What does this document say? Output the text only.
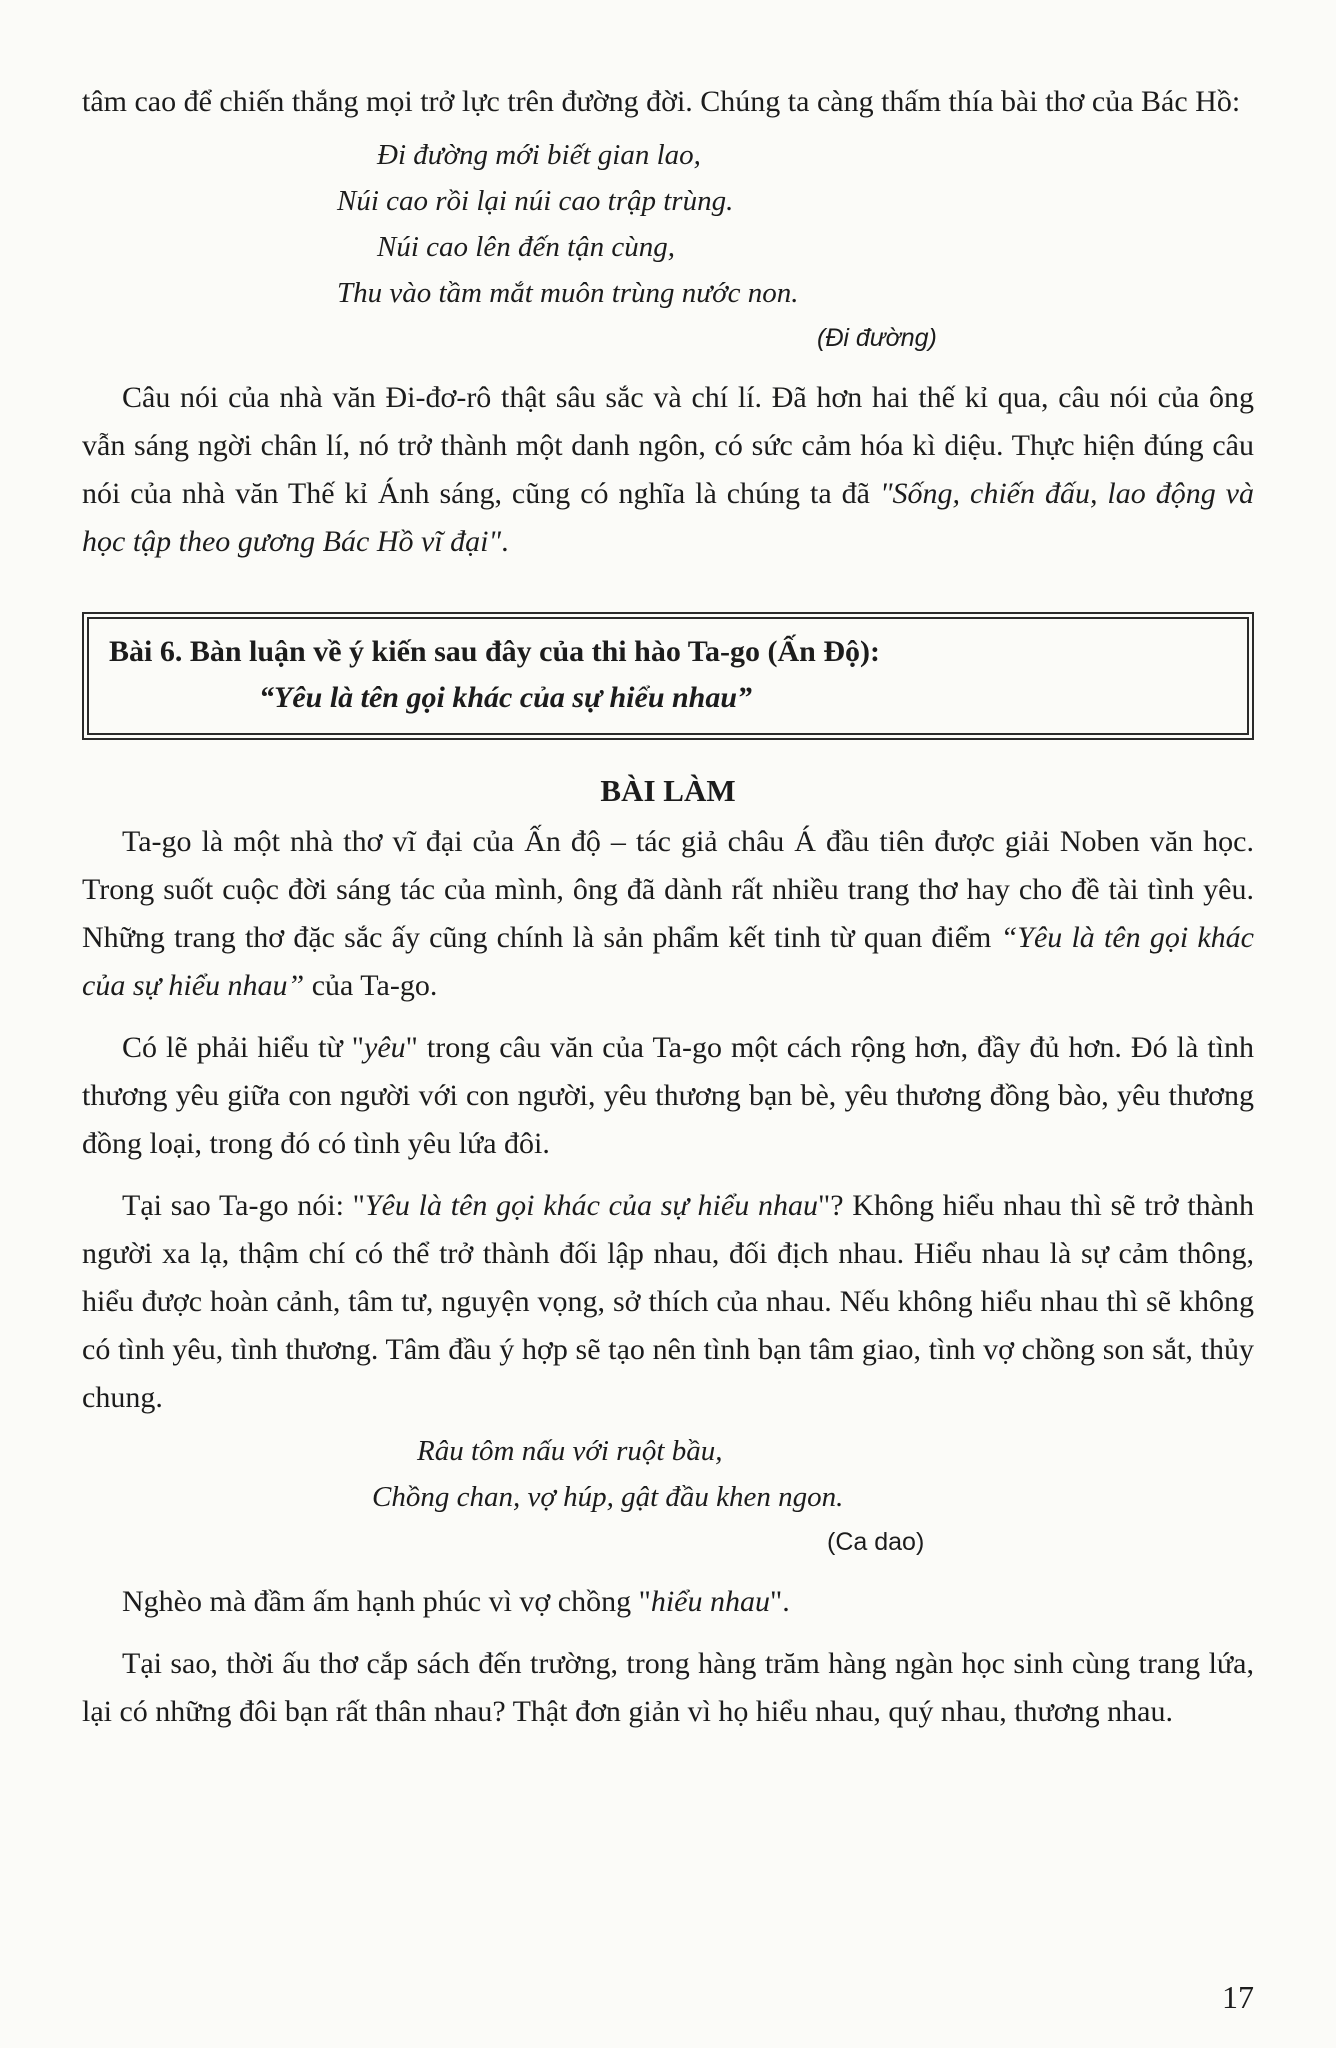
tâm cao để chiến thắng mọi trở lực trên đường đời. Chúng ta càng thấm thía bài thơ của Bác Hồ:

Đi đường mới biết gian lao,
Núi cao rồi lại núi cao trập trùng.
Núi cao lên đến tận cùng,
Thu vào tầm mắt muôn trùng nước non.

(Đi đường)

Câu nói của nhà văn Đi-đơ-rô thật sâu sắc và chí lí. Đã hơn hai thế kỉ qua, câu nói của ông vẫn sáng ngời chân lí, nó trở thành một danh ngôn, có sức cảm hóa kì diệu. Thực hiện đúng câu nói của nhà văn Thế kỉ Ánh sáng, cũng có nghĩa là chúng ta đã "Sống, chiến đấu, lao động và học tập theo gương Bác Hồ vĩ đại".

Bài 6. Bàn luận về ý kiến sau đây của thi hào Ta-go (Ấn Độ):
“Yêu là tên gọi khác của sự hiểu nhau”
BÀI LÀM

Ta-go là một nhà thơ vĩ đại của Ấn độ – tác giả châu Á đầu tiên được giải Noben văn học. Trong suốt cuộc đời sáng tác của mình, ông đã dành rất nhiều trang thơ hay cho đề tài tình yêu. Những trang thơ đặc sắc ấy cũng chính là sản phẩm kết tinh từ quan điểm “Yêu là tên gọi khác của sự hiểu nhau” của Ta-go.

Có lẽ phải hiểu từ "yêu" trong câu văn của Ta-go một cách rộng hơn, đầy đủ hơn. Đó là tình thương yêu giữa con người với con người, yêu thương bạn bè, yêu thương đồng bào, yêu thương đồng loại, trong đó có tình yêu lứa đôi.

Tại sao Ta-go nói: "Yêu là tên gọi khác của sự hiểu nhau"? Không hiểu nhau thì sẽ trở thành người xa lạ, thậm chí có thể trở thành đối lập nhau, đối địch nhau. Hiểu nhau là sự cảm thông, hiểu được hoàn cảnh, tâm tư, nguyện vọng, sở thích của nhau. Nếu không hiểu nhau thì sẽ không có tình yêu, tình thương. Tâm đầu ý hợp sẽ tạo nên tình bạn tâm giao, tình vợ chồng son sắt, thủy chung.

Râu tôm nấu với ruột bầu,
Chồng chan, vợ húp, gật đầu khen ngon.

(Ca dao)

Nghèo mà đầm ấm hạnh phúc vì vợ chồng "hiểu nhau".

Tại sao, thời ấu thơ cắp sách đến trường, trong hàng trăm hàng ngàn học sinh cùng trang lứa, lại có những đôi bạn rất thân nhau? Thật đơn giản vì họ hiểu nhau, quý nhau, thương nhau.

17
